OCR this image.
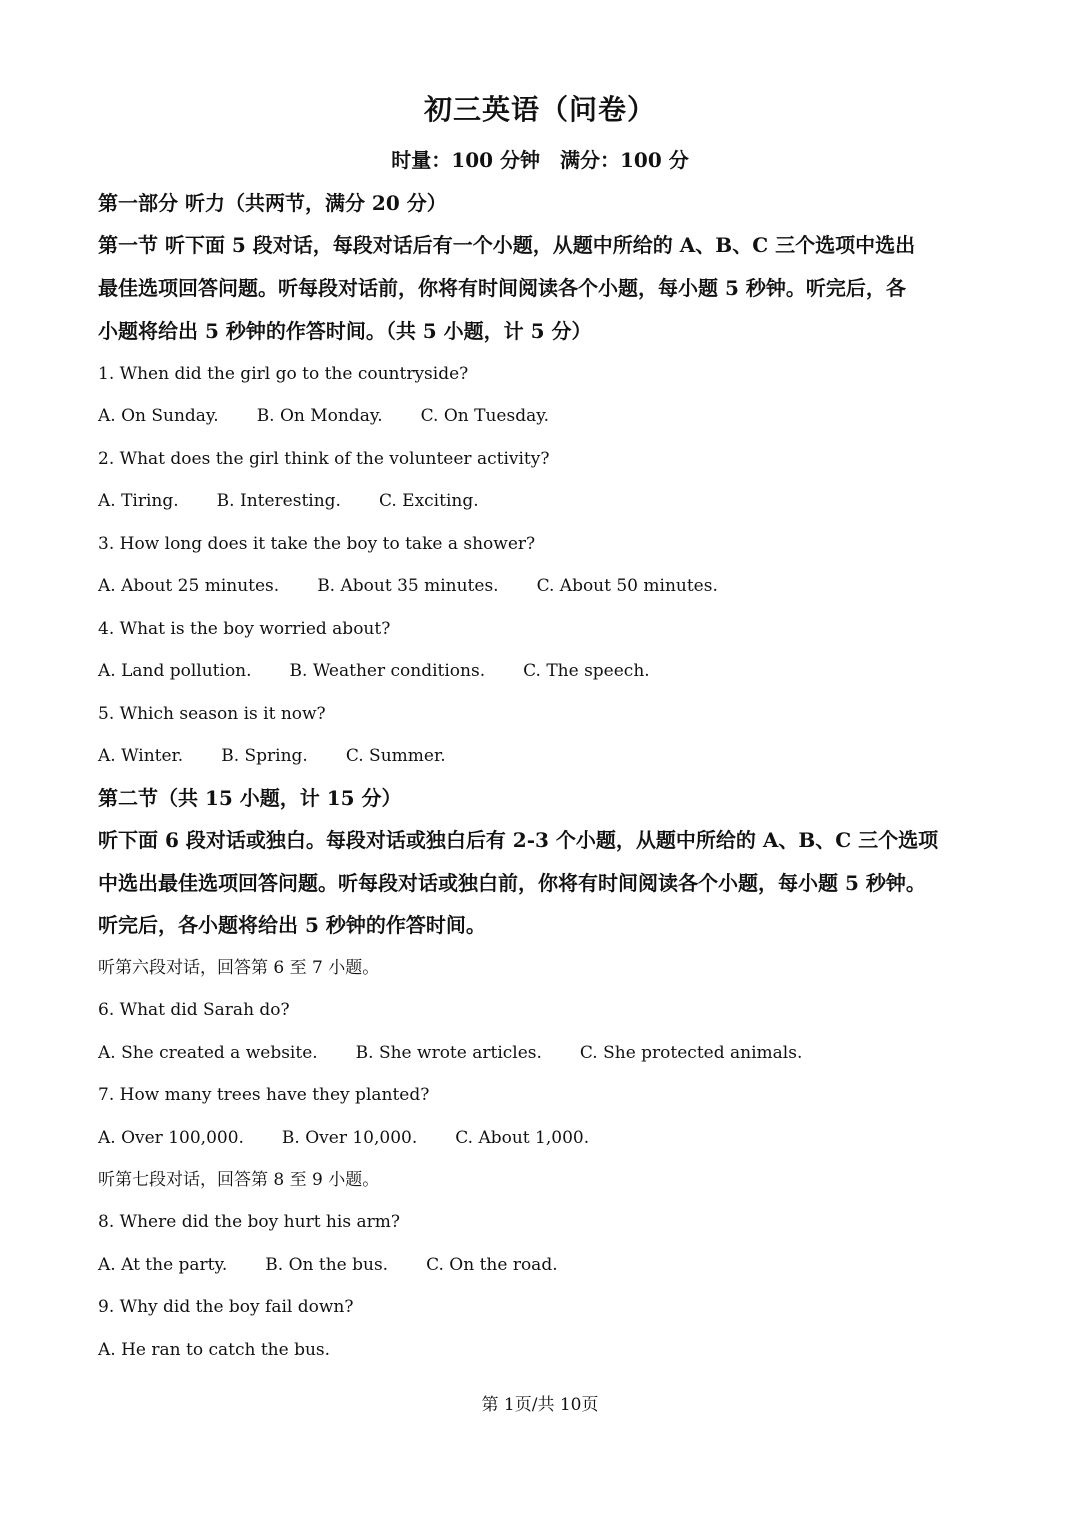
初三英语（问卷）
时量：100 分钟　满分：100 分
第一部分 听力（共两节，满分 20 分）
第一节 听下面 5 段对话，每段对话后有一个小题，从题中所给的 A、B、C 三个选项中选出
最佳选项回答问题。听每段对话前，你将有时间阅读各个小题，每小题 5 秒钟。听完后，各
小题将给出 5 秒钟的作答时间。（共 5 小题，计 5 分）
1. When did the girl go to the countryside?
A. On Sunday. B. On Monday. C. On Tuesday.
2. What does the girl think of the volunteer activity?
A. Tiring. B. Interesting. C. Exciting.
3. How long does it take the boy to take a shower?
A. About 25 minutes. B. About 35 minutes. C. About 50 minutes.
4. What is the boy worried about?
A. Land pollution. B. Weather conditions. C. The speech.
5. Which season is it now?
A. Winter. B. Spring. C. Summer.
第二节（共 15 小题，计 15 分）
听下面 6 段对话或独白。每段对话或独白后有 2-3 个小题，从题中所给的 A、B、C 三个选项
中选出最佳选项回答问题。听每段对话或独白前，你将有时间阅读各个小题，每小题 5 秒钟。
听完后，各小题将给出 5 秒钟的作答时间。
听第六段对话，回答第 6 至 7 小题。
6. What did Sarah do?
A. She created a website. B. She wrote articles. C. She protected animals.
7. How many trees have they planted?
A. Over 100,000. B. Over 10,000. C. About 1,000.
听第七段对话，回答第 8 至 9 小题。
8. Where did the boy hurt his arm?
A. At the party. B. On the bus. C. On the road.
9. Why did the boy fail down?
A. He ran to catch the bus.
第 1页/共 10页
